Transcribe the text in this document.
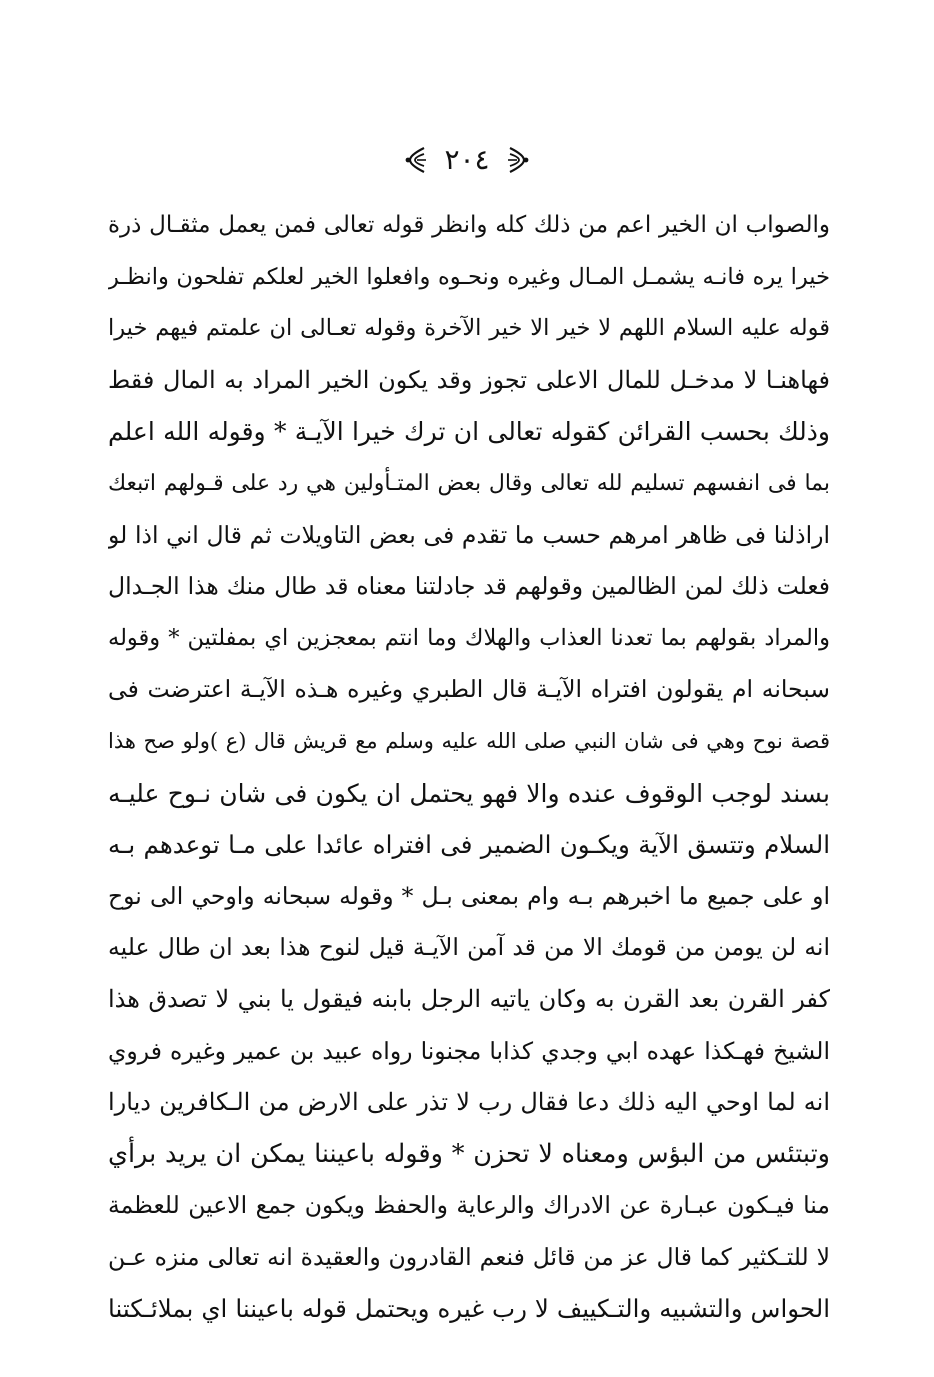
٢٠٤
والصواب ان الخير اعم من ذلك كله وانظر قوله تعالى فمن يعمل مثقـال ذرة
خيرا يره فانـه يشمـل المـال وغيره ونحـوه وافعلوا الخير لعلكم تفلحون وانظـر
قوله عليه السلام اللهم لا خير الا خير الآخرة وقوله تعـالى ان علمتم فيهم خيرا
فهاهنـا لا مدخـل للمال الاعلى تجوز وقد يكون الخير المراد به المال فقط
وذلك بحسب القرائن كقوله تعالى ان ترك خيرا الآيـة * وقوله الله اعلم
بما فى انفسهم تسليم لله تعالى وقال بعض المتـأولين هي رد على قـولهم اتبعك
اراذلنا فى ظاهر امرهم حسب ما تقدم فى بعض التاويلات ثم قال اني اذا لو
فعلت ذلك لمن الظالمين وقولهم قد جادلتنا معناه قد طال منك هذا الجـدال
والمراد بقولهم بما تعدنا العذاب والهلاك وما انتم بمعجزين اي بمفلتين * وقوله
سبحانه ام يقولون افتراه الآيـة قال الطبري وغيره هـذه الآيـة اعترضت فى
قصة نوح وهي فى شان النبي صلى الله عليه وسلم مع قريش قال (ع )ولو صح هذا
بسند لوجب الوقوف عنده والا فهو يحتمل ان يكون فى شان نـوح عليـه
السلام وتتسق الآية ويكـون الضمير فى افتراه عائدا على مـا توعدهم بـه
او على جميع ما اخبرهم بـه وام بمعنى بـل * وقوله سبحانه واوحي الى نوح
انه لن يومن من قومك الا من قد آمن الآيـة قيل لنوح هذا بعد ان طال عليه
كفر القرن بعد القرن به وكان ياتيه الرجل بابنه فيقول يا بني لا تصدق هذا
الشيخ فهـكذا عهده ابي وجدي كذابا مجنونا رواه عبيد بن عمير وغيره فروي
انه لما اوحي اليه ذلك دعا فقال رب لا تذر على الارض من الـكافرين ديارا
وتبتئس من البؤس ومعناه لا تحزن * وقوله باعيننا يمكن ان يريد برأي
منا فيـكون عبـارة عن الادراك والرعاية والحفظ ويكون جمع الاعين للعظمة
لا للتـكثير كما قال عز من قائل فنعم القادرون والعقيدة انه تعالى منزه عـن
الحواس والتشبيه والتـكييف لا رب غيره ويحتمل قوله باعيننا اي بملائـكتنا
